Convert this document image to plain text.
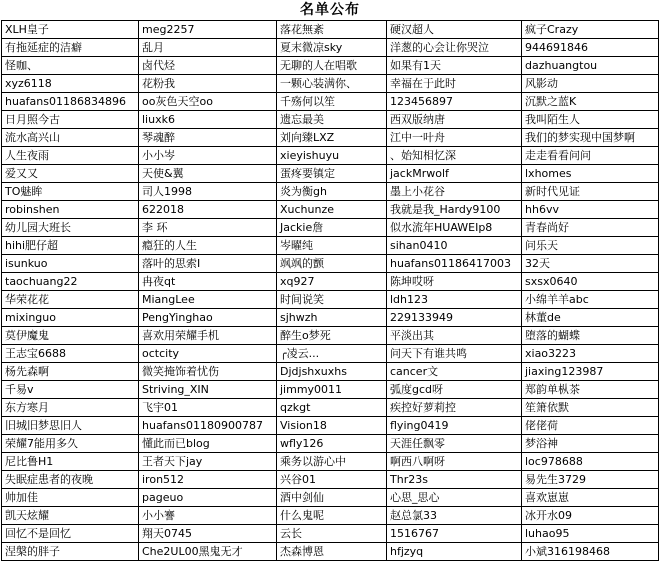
名单公布
XLH皇子	meg2257	落花無紊	硬汉超人	疯子Crazy
有拖延症的洁癖	乱月	夏末微凉sky	洋葱的心会让你哭泣	944691846
怪咖、	卤代烃	无聊的人在唱歌	如果有1天	dazhuangtou
xyz6118	花粉我	一颗心装满你、	幸福在于此时	风影动
huafans01186834896	oo灰色天空oo	千殇何以笙	123456897	沉默之蓝K
日月照今古	liuxk6	遗忘最美	西双版纳唐	我叫陌生人
流水高兴山	琴魂醉	刘向臻LXZ	江中一叶舟	我们的梦实现中国梦啊
人生夜雨	小小岑	xieyishuyu	、始知相忆深	走走看看问问
爱又又	天使&翼	蛋疼要镇定	jackMrwolf	lxhomes
TO魅眸	司人1998	炎为衡gh	墨上小花谷	新时代见证
robinshen	622018	Xuchunze	我就是我_Hardy9100	hh6vv
幼儿园大班长	李 环	Jackie詹	似水流年HUAWEIp8	青春尚好
hihi肥仔超	瘾狂的人生	岑曜纯	sihan0410	问乐天
isunkuo	落叶的思索I	飒飒的颤	huafans01186417003	32天
taochuang22	冉夜qt	xq927	陈坤哎呀	sxsx0640
华荣花花	MiangLee	时间说笑	ldh123	小绵羊羊abc
mixinguo	PengYinghao	sjhwzh	229133949	林董de
莫伊魔鬼	喜欢用荣耀手机	醉生o梦死	平淡出其	堕落的蝴蝶
王志宝6688	octcity	╭凌云...	问天下有谁共鸣	xiao3223
杨先森啊	微笑掩饰着忧伤	Djdjshxuxhs	cancer文	jiaxing123987
千易v	Striving_XIN	jimmy0011	弧度gcd呀	郑韵单枞茶
东方寒月	飞宇01	qzkgt	疾控好萝莉控	笙箫依默
旧城旧梦思旧人	huafans01180900787	Vision18	flying0419	佬佬荷
荣耀7能用多久	懂此而已blog	wfly126	天涯任飘零	梦浴神
尼比鲁H1	王者天下jay	乘务以游心中	啊西八啊呀	loc978688
失眠症患者的夜晚	iron512	兴谷01	Thr23s	易先生3729
帅加佳	pageuo	酒中剑仙	心思_思心	喜欢崽崽
凯天炫耀	小小謇	什么鬼呢	赵总氯33	冰开水09
回忆不是回忆	翔天0745	云长	1516767	luhao95
涅槃的胖子	Che2UL00黑鬼无才	杰森博恩	hfjzyq	小斌316198468
